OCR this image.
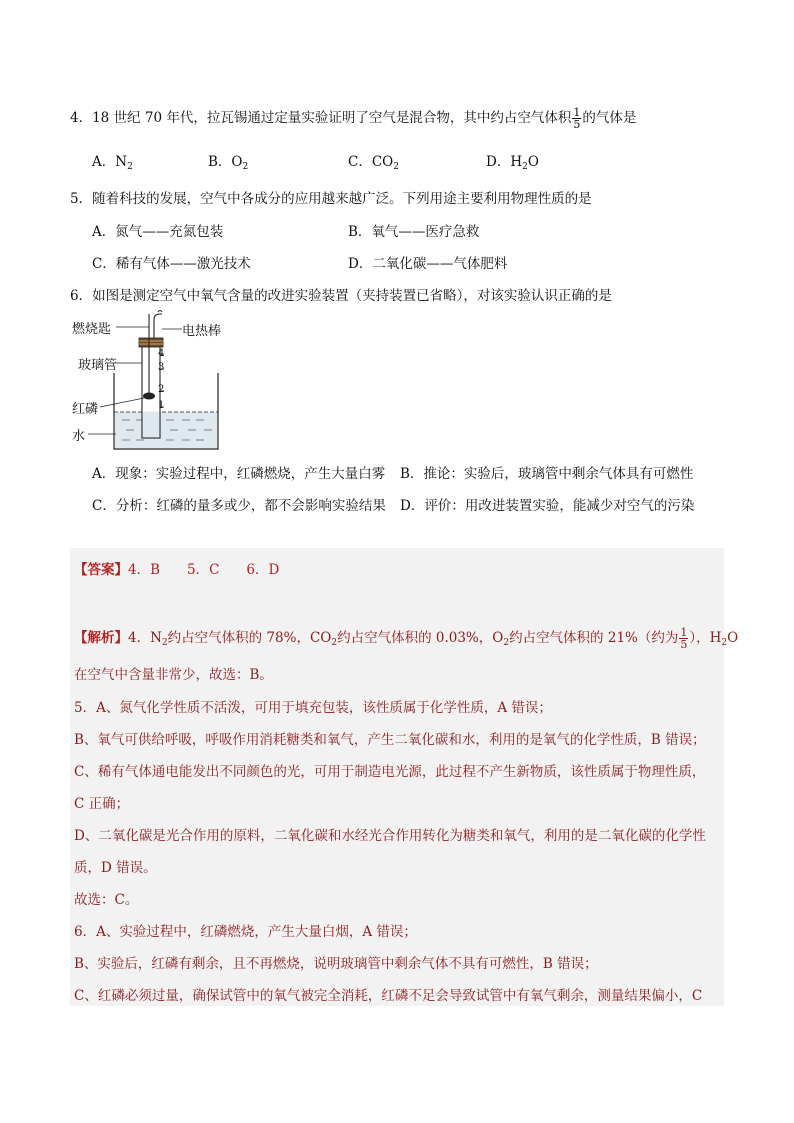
4．18 世纪 70 年代，拉瓦锡通过定量实验证明了空气是混合物，其中约占空气体积 $\frac{1}{5}$ 的气体是
A．$N_2$	B．$O_2$	C．$CO_2$	D．$H_2O$
5．随着科技的发展，空气中各成分的应用越来越广泛。下列用途主要利用物理性质的是
A．氮气——充氮包装	B．氧气——医疗急救
C．稀有气体——激光技术	D．二氧化碳——气体肥料
6．如图是测定空气中氧气含量的改进实验装置（夹持装置已省略），对该实验认识正确的是
燃烧匙	电热棒
玻璃管
红磷
水
4
3
2
1
A．现象：实验过程中，红磷燃烧，产生大量白雾 B．推论：实验后，玻璃管中剩余气体具有可燃性
C．分析：红磷的量多或少，都不会影响实验结果 D．评价：用改进装置实验，能减少对空气的污染
【答案】4．B　　5．C　　6．D
【解析】4．$N_2$约占空气体积的 78%，$CO_2$约占空气体积的 0.03%，$O_2$约占空气体积的 21%（约为 $\frac{1}{5}$ ），$H_2O$
在空气中含量非常少，故选：B。
5．A、氮气化学性质不活泼，可用于填充包装，该性质属于化学性质，A 错误；
B、氧气可供给呼吸，呼吸作用消耗糖类和氧气，产生二氧化碳和水，利用的是氧气的化学性质，B 错误；
C、稀有气体通电能发出不同颜色的光，可用于制造电光源，此过程不产生新物质，该性质属于物理性质，
C 正确；
D、二氧化碳是光合作用的原料，二氧化碳和水经光合作用转化为糖类和氧气，利用的是二氧化碳的化学性
质，D 错误。
故选：C。
6．A、实验过程中，红磷燃烧，产生大量白烟，A 错误；
B、实验后，红磷有剩余，且不再燃烧，说明玻璃管中剩余气体不具有可燃性，B 错误；
C、红磷必须过量，确保试管中的氧气被完全消耗，红磷不足会导致试管中有氧气剩余，测量结果偏小，C
